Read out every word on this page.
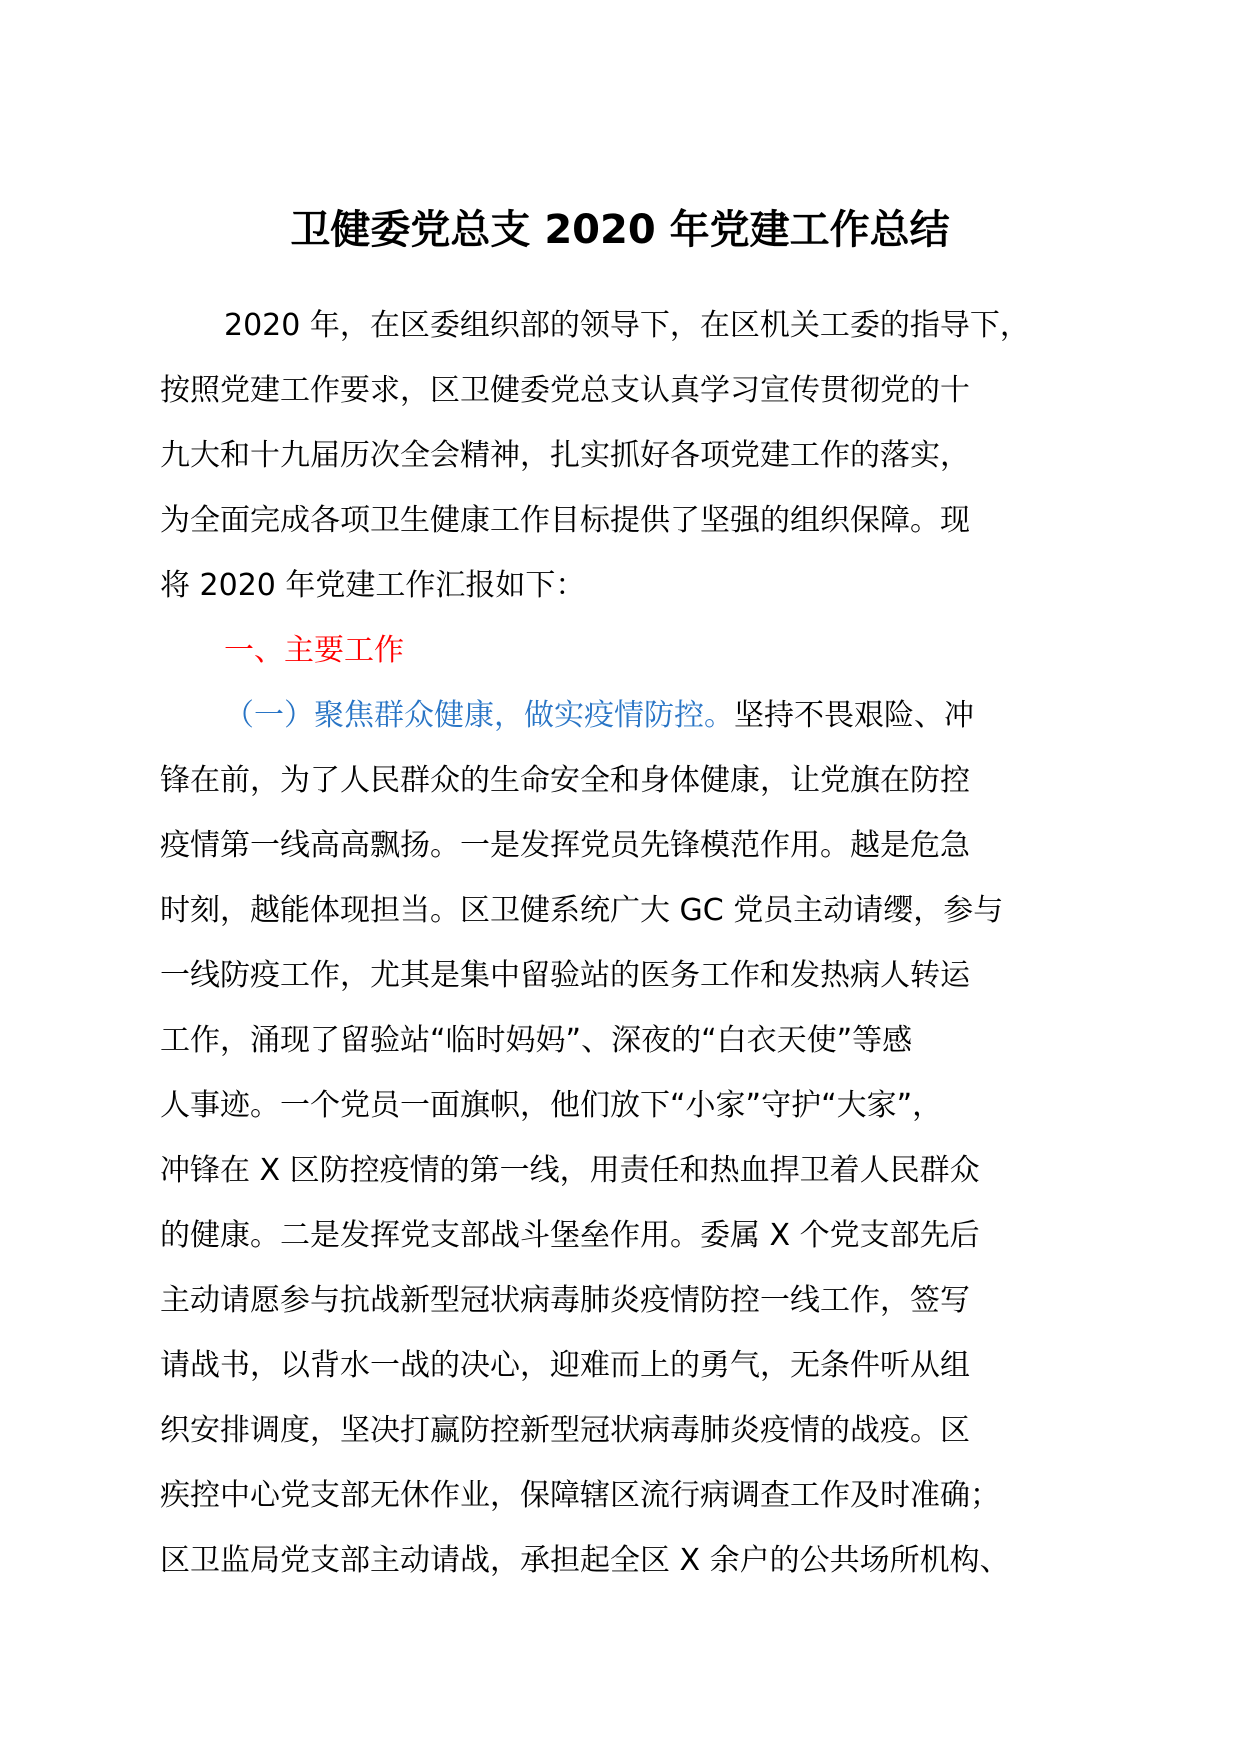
卫健委党总支 2020 年党建工作总结
2020 年，在区委组织部的领导下，在区机关工委的指导下，
按照党建工作要求，区卫健委党总支认真学习宣传贯彻党的十
九大和十九届历次全会精神，扎实抓好各项党建工作的落实，
为全面完成各项卫生健康工作目标提供了坚强的组织保障。现
将 2020 年党建工作汇报如下：
一、主要工作
（一）聚焦群众健康，做实疫情防控。坚持不畏艰险、冲
锋在前，为了人民群众的生命安全和身体健康，让党旗在防控
疫情第一线高高飘扬。一是发挥党员先锋模范作用。越是危急
时刻，越能体现担当。区卫健系统广大 GC 党员主动请缨，参与
一线防疫工作，尤其是集中留验站的医务工作和发热病人转运
工作，涌现了留验站“临时妈妈”、深夜的“白衣天使”等感
人事迹。一个党员一面旗帜，他们放下“小家”守护“大家”，
冲锋在 X 区防控疫情的第一线，用责任和热血捍卫着人民群众
的健康。二是发挥党支部战斗堡垒作用。委属 X 个党支部先后
主动请愿参与抗战新型冠状病毒肺炎疫情防控一线工作，签写
请战书，以背水一战的决心，迎难而上的勇气，无条件听从组
织安排调度，坚决打赢防控新型冠状病毒肺炎疫情的战疫。区
疾控中心党支部无休作业，保障辖区流行病调查工作及时准确；
区卫监局党支部主动请战，承担起全区 X 余户的公共场所机构、
